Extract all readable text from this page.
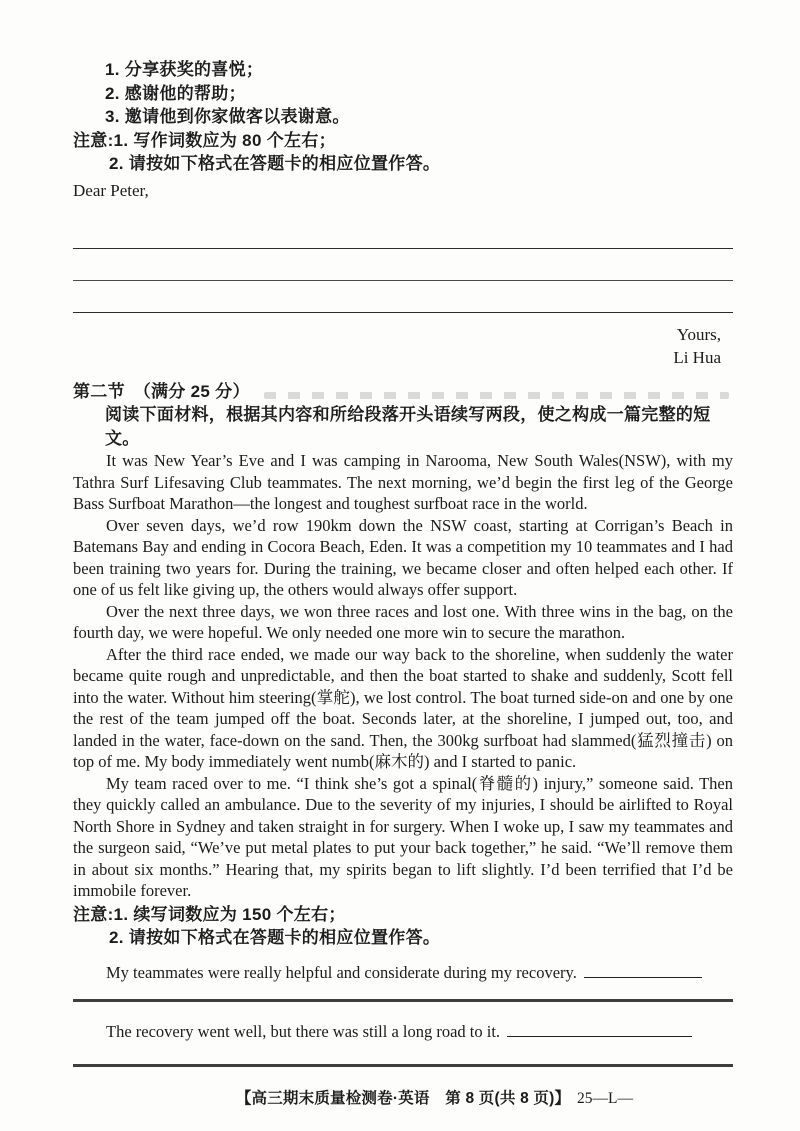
1. 分享获奖的喜悦；
2. 感谢他的帮助；
3. 邀请他到你家做客以表谢意。
注意:1. 写作词数应为 80 个左右；
2. 请按如下格式在答题卡的相应位置作答。
Dear Peter,
Yours,
Li Hua
第二节　（满分 25 分）
阅读下面材料，根据其内容和所给段落开头语续写两段，使之构成一篇完整的短文。

It was New Year’s Eve and I was camping in Narooma, New South Wales(NSW), with my Tathra Surf Lifesaving Club teammates. The next morning, we’d begin the first leg of the George Bass Surfboat Marathon—the longest and toughest surfboat race in the world.

Over seven days, we’d row 190km down the NSW coast, starting at Corrigan’s Beach in Batemans Bay and ending in Cocora Beach, Eden. It was a competition my 10 teammates and I had been training two years for. During the training, we became closer and often helped each other. If one of us felt like giving up, the others would always offer support.

Over the next three days, we won three races and lost one. With three wins in the bag, on the fourth day, we were hopeful. We only needed one more win to secure the marathon.

After the third race ended, we made our way back to the shoreline, when suddenly the water became quite rough and unpredictable, and then the boat started to shake and suddenly, Scott fell into the water. Without him steering(掌舵), we lost control. The boat turned side-on and one by one the rest of the team jumped off the boat. Seconds later, at the shoreline, I jumped out, too, and landed in the water, face-down on the sand. Then, the 300kg surfboat had slammed(猛烈撞击) on top of me. My body immediately went numb(麻木的) and I started to panic.

My team raced over to me. “I think she’s got a spinal(脊髓的) injury,” someone said. Then they quickly called an ambulance. Due to the severity of my injuries, I should be airlifted to Royal North Shore in Sydney and taken straight in for surgery. When I woke up, I saw my teammates and the surgeon said, “We’ve put metal plates to put your back together,” he said. “We’ll remove them in about six months.” Hearing that, my spirits began to lift slightly. I’d been terrified that I’d be immobile forever.

注意:1. 续写词数应为 150 个左右；
2. 请按如下格式在答题卡的相应位置作答。
My teammates were really helpful and considerate during my recovery.
The recovery went well, but there was still a long road to it.
【高三期末质量检测卷·英语　第 8 页(共 8 页)】 25—L—
